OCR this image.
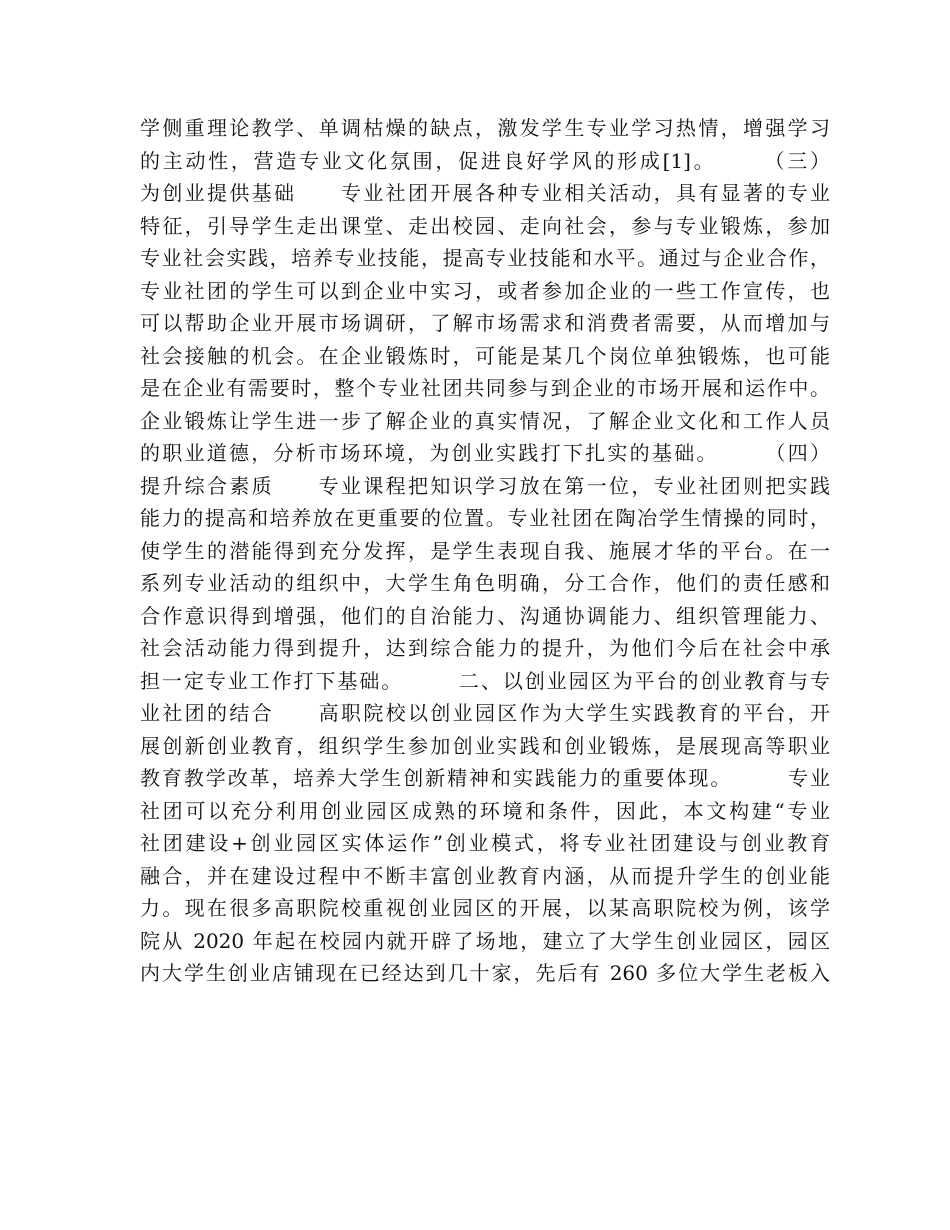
学侧重理论教学、单调枯燥的缺点，激发学生专业学习热情，增强学习

的主动性，营造专业文化氛围，促进良好学风的形成[1]。　　　（三）

为创业提供基础　　专业社团开展各种专业相关活动，具有显著的专业

特征，引导学生走出课堂、走出校园、走向社会，参与专业锻炼，参加

专业社会实践，培养专业技能，提高专业技能和水平。通过与企业合作，

专业社团的学生可以到企业中实习，或者参加企业的一些工作宣传，也

可以帮助企业开展市场调研，了解市场需求和消费者需要，从而增加与

社会接触的机会。在企业锻炼时，可能是某几个岗位单独锻炼，也可能

是在企业有需要时，整个专业社团共同参与到企业的市场开展和运作中。

企业锻炼让学生进一步了解企业的真实情况，了解企业文化和工作人员

的职业道德，分析市场环境，为创业实践打下扎实的基础。　　　（四）

提升综合素质　　专业课程把知识学习放在第一位，专业社团则把实践

能力的提高和培养放在更重要的位置。专业社团在陶冶学生情操的同时，

使学生的潜能得到充分发挥，是学生表现自我、施展才华的平台。在一

系列专业活动的组织中，大学生角色明确，分工合作，他们的责任感和

合作意识得到增强，他们的自治能力、沟通协调能力、组织管理能力、

社会活动能力得到提升，达到综合能力的提升，为他们今后在社会中承

担一定专业工作打下基础。　　　二、以创业园区为平台的创业教育与专

业社团的结合　　高职院校以创业园区作为大学生实践教育的平台，开

展创新创业教育，组织学生参加创业实践和创业锻炼，是展现高等职业

教育教学改革，培养大学生创新精神和实践能力的重要体现。　　　专业

社团可以充分利用创业园区成熟的环境和条件，因此，本文构建“专业

社团建设+创业园区实体运作”创业模式，将专业社团建设与创业教育

融合，并在建设过程中不断丰富创业教育内涵，从而提升学生的创业能

力。现在很多高职院校重视创业园区的开展，以某高职院校为例，该学

院从 2020 年起在校园内就开辟了场地，建立了大学生创业园区，园区

内大学生创业店铺现在已经达到几十家，先后有 260 多位大学生老板入
